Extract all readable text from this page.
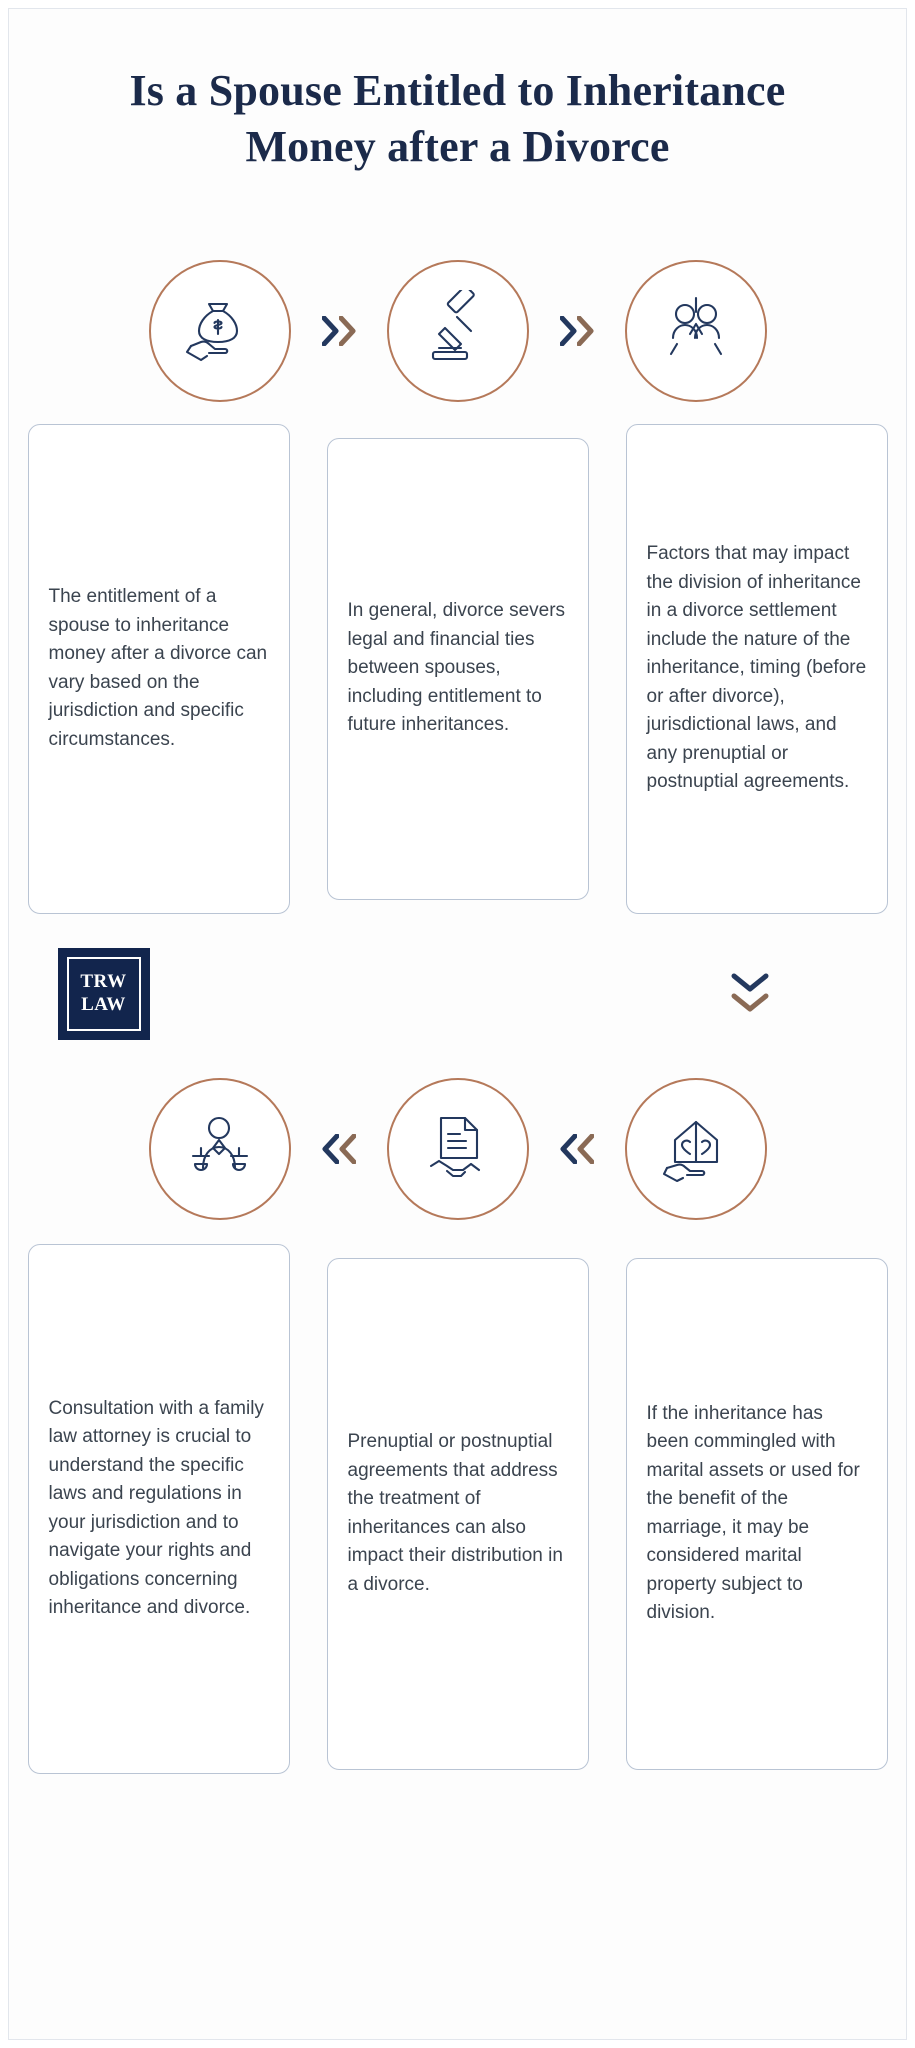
Is a Spouse Entitled to Inheritance Money after a Divorce

The entitlement of a spouse to inheritance money after a divorce can vary based on the jurisdiction and specific circumstances.

In general, divorce severs legal and financial ties between spouses, including entitlement to future inheritances.

Factors that may impact the division of inheritance in a divorce settlement include the nature of the inheritance, timing (before or after divorce), jurisdictional laws, and any prenuptial or postnuptial agreements.

TRW
LAW

Consultation with a family law attorney is crucial to understand the specific laws and regulations in your jurisdiction and to navigate your rights and obligations concerning inheritance and divorce.

Prenuptial or postnuptial agreements that address the treatment of inheritances can also impact their distribution in a divorce.

If the inheritance has been commingled with marital assets or used for the benefit of the marriage, it may be considered marital property subject to division.
